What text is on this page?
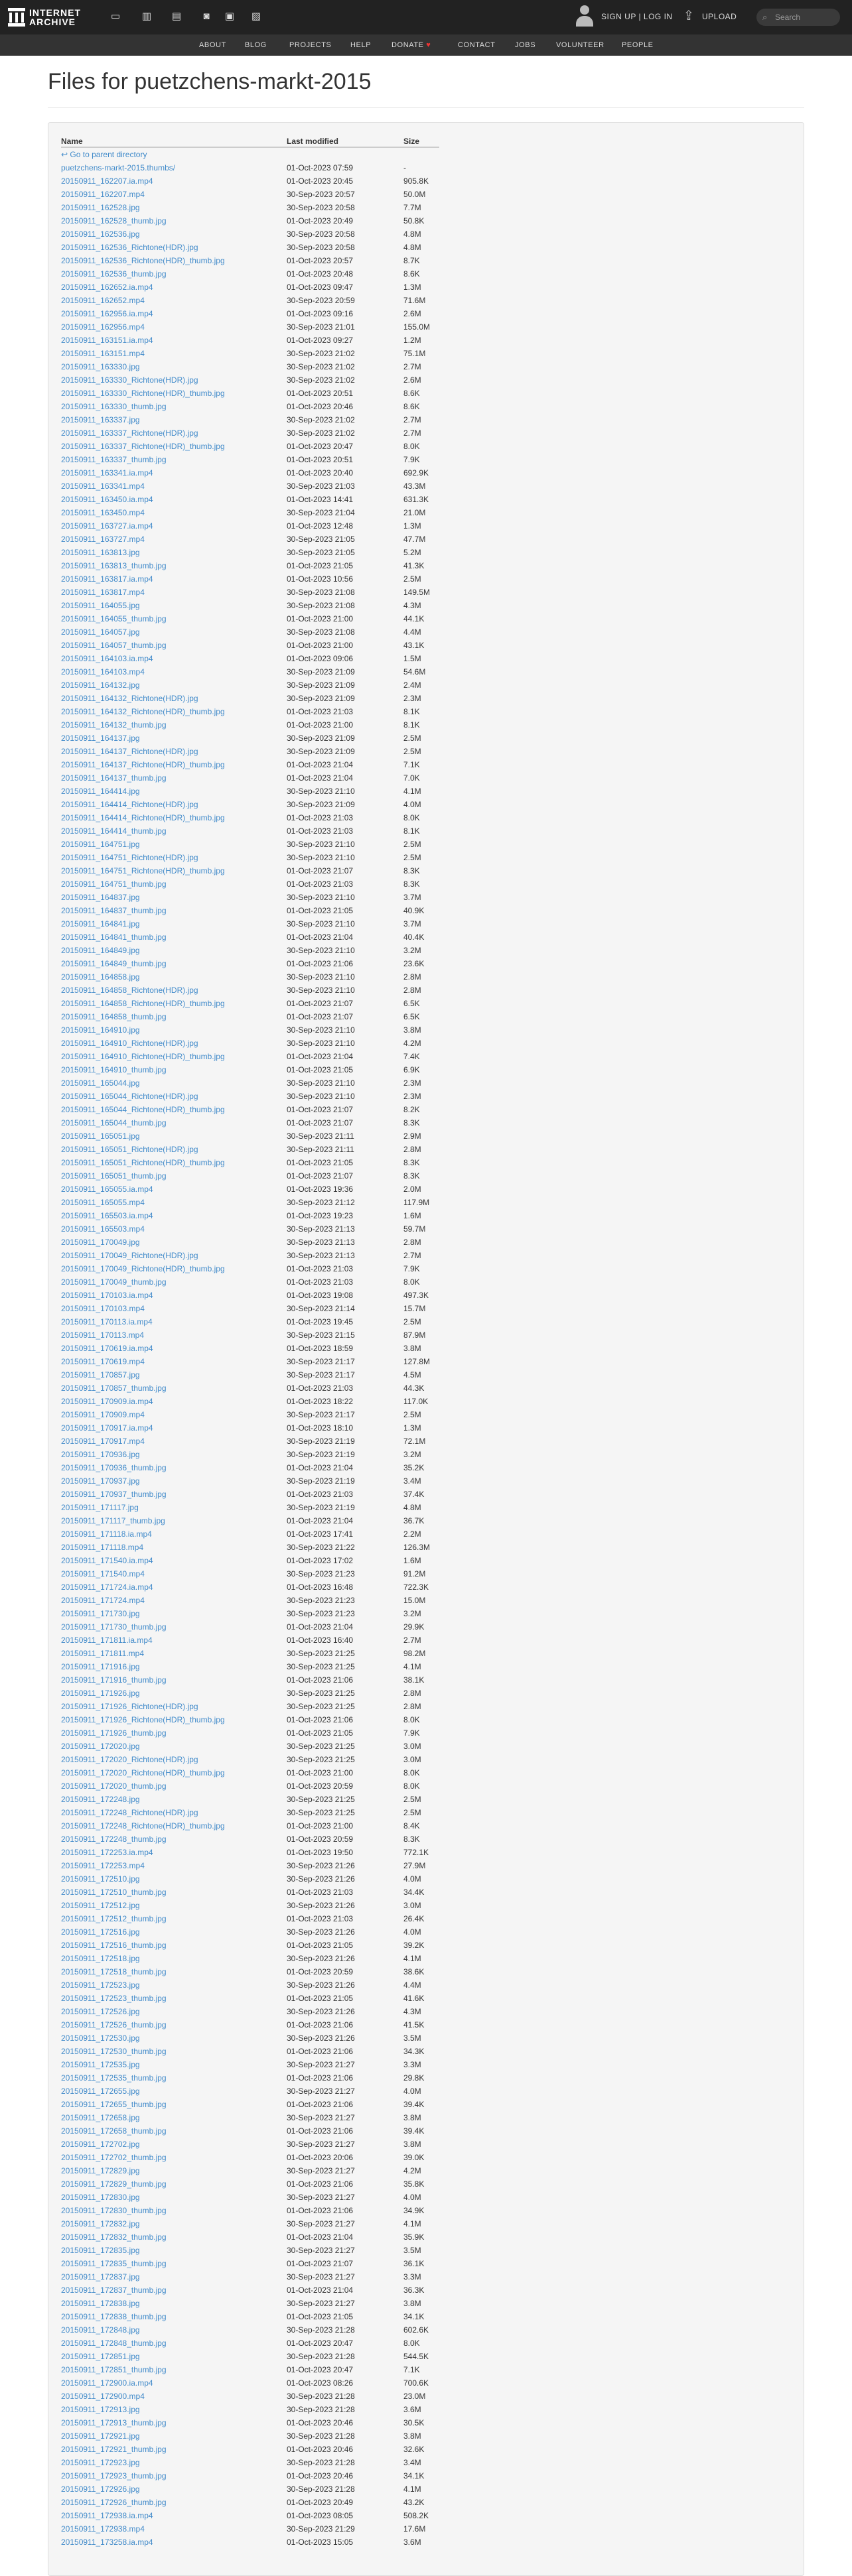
INTERNET
ARCHIVE	▭ ▥ ▤	◙	▣ ▨	SIGN UP | LOG IN ⇪ UPLOAD	⌕ Search
ABOUT	BLOG	PROJECTS	HELP	DONATE ♥	CONTACT	JOBS	VOLUNTEER PEOPLE
Files for puetzchens-markt-2015
Name	Last modified	Size
↩ Go to parent directory		
puetzchens-markt-2015.thumbs/	01-Oct-2023 07:59	-
20150911_162207.ia.mp4	01-Oct-2023 20:45	905.8K
20150911_162207.mp4	30-Sep-2023 20:57	50.0M
20150911_162528.jpg	30-Sep-2023 20:58	7.7M
20150911_162528_thumb.jpg	01-Oct-2023 20:49	50.8K
20150911_162536.jpg	30-Sep-2023 20:58	4.8M
20150911_162536_Richtone(HDR).jpg	30-Sep-2023 20:58	4.8M
20150911_162536_Richtone(HDR)_thumb.jpg	01-Oct-2023 20:57	8.7K
20150911_162536_thumb.jpg	01-Oct-2023 20:48	8.6K
20150911_162652.ia.mp4	01-Oct-2023 09:47	1.3M
20150911_162652.mp4	30-Sep-2023 20:59	71.6M
20150911_162956.ia.mp4	01-Oct-2023 09:16	2.6M
20150911_162956.mp4	30-Sep-2023 21:01	155.0M
20150911_163151.ia.mp4	01-Oct-2023 09:27	1.2M
20150911_163151.mp4	30-Sep-2023 21:02	75.1M
20150911_163330.jpg	30-Sep-2023 21:02	2.7M
20150911_163330_Richtone(HDR).jpg	30-Sep-2023 21:02	2.6M
20150911_163330_Richtone(HDR)_thumb.jpg	01-Oct-2023 20:51	8.6K
20150911_163330_thumb.jpg	01-Oct-2023 20:46	8.6K
20150911_163337.jpg	30-Sep-2023 21:02	2.7M
20150911_163337_Richtone(HDR).jpg	30-Sep-2023 21:02	2.7M
20150911_163337_Richtone(HDR)_thumb.jpg	01-Oct-2023 20:47	8.0K
20150911_163337_thumb.jpg	01-Oct-2023 20:51	7.9K
20150911_163341.ia.mp4	01-Oct-2023 20:40	692.9K
20150911_163341.mp4	30-Sep-2023 21:03	43.3M
20150911_163450.ia.mp4	01-Oct-2023 14:41	631.3K
20150911_163450.mp4	30-Sep-2023 21:04	21.0M
20150911_163727.ia.mp4	01-Oct-2023 12:48	1.3M
20150911_163727.mp4	30-Sep-2023 21:05	47.7M
20150911_163813.jpg	30-Sep-2023 21:05	5.2M
20150911_163813_thumb.jpg	01-Oct-2023 21:05	41.3K
20150911_163817.ia.mp4	01-Oct-2023 10:56	2.5M
20150911_163817.mp4	30-Sep-2023 21:08	149.5M
20150911_164055.jpg	30-Sep-2023 21:08	4.3M
20150911_164055_thumb.jpg	01-Oct-2023 21:00	44.1K
20150911_164057.jpg	30-Sep-2023 21:08	4.4M
20150911_164057_thumb.jpg	01-Oct-2023 21:00	43.1K
20150911_164103.ia.mp4	01-Oct-2023 09:06	1.5M
20150911_164103.mp4	30-Sep-2023 21:09	54.6M
20150911_164132.jpg	30-Sep-2023 21:09	2.4M
20150911_164132_Richtone(HDR).jpg	30-Sep-2023 21:09	2.3M
20150911_164132_Richtone(HDR)_thumb.jpg	01-Oct-2023 21:03	8.1K
20150911_164132_thumb.jpg	01-Oct-2023 21:00	8.1K
20150911_164137.jpg	30-Sep-2023 21:09	2.5M
20150911_164137_Richtone(HDR).jpg	30-Sep-2023 21:09	2.5M
20150911_164137_Richtone(HDR)_thumb.jpg	01-Oct-2023 21:04	7.1K
20150911_164137_thumb.jpg	01-Oct-2023 21:04	7.0K
20150911_164414.jpg	30-Sep-2023 21:10	4.1M
20150911_164414_Richtone(HDR).jpg	30-Sep-2023 21:09	4.0M
20150911_164414_Richtone(HDR)_thumb.jpg	01-Oct-2023 21:03	8.0K
20150911_164414_thumb.jpg	01-Oct-2023 21:03	8.1K
20150911_164751.jpg	30-Sep-2023 21:10	2.5M
20150911_164751_Richtone(HDR).jpg	30-Sep-2023 21:10	2.5M
20150911_164751_Richtone(HDR)_thumb.jpg	01-Oct-2023 21:07	8.3K
20150911_164751_thumb.jpg	01-Oct-2023 21:03	8.3K
20150911_164837.jpg	30-Sep-2023 21:10	3.7M
20150911_164837_thumb.jpg	01-Oct-2023 21:05	40.9K
20150911_164841.jpg	30-Sep-2023 21:10	3.7M
20150911_164841_thumb.jpg	01-Oct-2023 21:04	40.4K
20150911_164849.jpg	30-Sep-2023 21:10	3.2M
20150911_164849_thumb.jpg	01-Oct-2023 21:06	23.6K
20150911_164858.jpg	30-Sep-2023 21:10	2.8M
20150911_164858_Richtone(HDR).jpg	30-Sep-2023 21:10	2.8M
20150911_164858_Richtone(HDR)_thumb.jpg	01-Oct-2023 21:07	6.5K
20150911_164858_thumb.jpg	01-Oct-2023 21:07	6.5K
20150911_164910.jpg	30-Sep-2023 21:10	3.8M
20150911_164910_Richtone(HDR).jpg	30-Sep-2023 21:10	4.2M
20150911_164910_Richtone(HDR)_thumb.jpg	01-Oct-2023 21:04	7.4K
20150911_164910_thumb.jpg	01-Oct-2023 21:05	6.9K
20150911_165044.jpg	30-Sep-2023 21:10	2.3M
20150911_165044_Richtone(HDR).jpg	30-Sep-2023 21:10	2.3M
20150911_165044_Richtone(HDR)_thumb.jpg	01-Oct-2023 21:07	8.2K
20150911_165044_thumb.jpg	01-Oct-2023 21:07	8.3K
20150911_165051.jpg	30-Sep-2023 21:11	2.9M
20150911_165051_Richtone(HDR).jpg	30-Sep-2023 21:11	2.8M
20150911_165051_Richtone(HDR)_thumb.jpg	01-Oct-2023 21:05	8.3K
20150911_165051_thumb.jpg	01-Oct-2023 21:07	8.3K
20150911_165055.ia.mp4	01-Oct-2023 19:36	2.0M
20150911_165055.mp4	30-Sep-2023 21:12	117.9M
20150911_165503.ia.mp4	01-Oct-2023 19:23	1.6M
20150911_165503.mp4	30-Sep-2023 21:13	59.7M
20150911_170049.jpg	30-Sep-2023 21:13	2.8M
20150911_170049_Richtone(HDR).jpg	30-Sep-2023 21:13	2.7M
20150911_170049_Richtone(HDR)_thumb.jpg	01-Oct-2023 21:03	7.9K
20150911_170049_thumb.jpg	01-Oct-2023 21:03	8.0K
20150911_170103.ia.mp4	01-Oct-2023 19:08	497.3K
20150911_170103.mp4	30-Sep-2023 21:14	15.7M
20150911_170113.ia.mp4	01-Oct-2023 19:45	2.5M
20150911_170113.mp4	30-Sep-2023 21:15	87.9M
20150911_170619.ia.mp4	01-Oct-2023 18:59	3.8M
20150911_170619.mp4	30-Sep-2023 21:17	127.8M
20150911_170857.jpg	30-Sep-2023 21:17	4.5M
20150911_170857_thumb.jpg	01-Oct-2023 21:03	44.3K
20150911_170909.ia.mp4	01-Oct-2023 18:22	117.0K
20150911_170909.mp4	30-Sep-2023 21:17	2.5M
20150911_170917.ia.mp4	01-Oct-2023 18:10	1.3M
20150911_170917.mp4	30-Sep-2023 21:19	72.1M
20150911_170936.jpg	30-Sep-2023 21:19	3.2M
20150911_170936_thumb.jpg	01-Oct-2023 21:04	35.2K
20150911_170937.jpg	30-Sep-2023 21:19	3.4M
20150911_170937_thumb.jpg	01-Oct-2023 21:03	37.4K
20150911_171117.jpg	30-Sep-2023 21:19	4.8M
20150911_171117_thumb.jpg	01-Oct-2023 21:04	36.7K
20150911_171118.ia.mp4	01-Oct-2023 17:41	2.2M
20150911_171118.mp4	30-Sep-2023 21:22	126.3M
20150911_171540.ia.mp4	01-Oct-2023 17:02	1.6M
20150911_171540.mp4	30-Sep-2023 21:23	91.2M
20150911_171724.ia.mp4	01-Oct-2023 16:48	722.3K
20150911_171724.mp4	30-Sep-2023 21:23	15.0M
20150911_171730.jpg	30-Sep-2023 21:23	3.2M
20150911_171730_thumb.jpg	01-Oct-2023 21:04	29.9K
20150911_171811.ia.mp4	01-Oct-2023 16:40	2.7M
20150911_171811.mp4	30-Sep-2023 21:25	98.2M
20150911_171916.jpg	30-Sep-2023 21:25	4.1M
20150911_171916_thumb.jpg	01-Oct-2023 21:06	38.1K
20150911_171926.jpg	30-Sep-2023 21:25	2.8M
20150911_171926_Richtone(HDR).jpg	30-Sep-2023 21:25	2.8M
20150911_171926_Richtone(HDR)_thumb.jpg	01-Oct-2023 21:06	8.0K
20150911_171926_thumb.jpg	01-Oct-2023 21:05	7.9K
20150911_172020.jpg	30-Sep-2023 21:25	3.0M
20150911_172020_Richtone(HDR).jpg	30-Sep-2023 21:25	3.0M
20150911_172020_Richtone(HDR)_thumb.jpg	01-Oct-2023 21:00	8.0K
20150911_172020_thumb.jpg	01-Oct-2023 20:59	8.0K
20150911_172248.jpg	30-Sep-2023 21:25	2.5M
20150911_172248_Richtone(HDR).jpg	30-Sep-2023 21:25	2.5M
20150911_172248_Richtone(HDR)_thumb.jpg	01-Oct-2023 21:00	8.4K
20150911_172248_thumb.jpg	01-Oct-2023 20:59	8.3K
20150911_172253.ia.mp4	01-Oct-2023 19:50	772.1K
20150911_172253.mp4	30-Sep-2023 21:26	27.9M
20150911_172510.jpg	30-Sep-2023 21:26	4.0M
20150911_172510_thumb.jpg	01-Oct-2023 21:03	34.4K
20150911_172512.jpg	30-Sep-2023 21:26	3.0M
20150911_172512_thumb.jpg	01-Oct-2023 21:03	26.4K
20150911_172516.jpg	30-Sep-2023 21:26	4.0M
20150911_172516_thumb.jpg	01-Oct-2023 21:05	39.2K
20150911_172518.jpg	30-Sep-2023 21:26	4.1M
20150911_172518_thumb.jpg	01-Oct-2023 20:59	38.6K
20150911_172523.jpg	30-Sep-2023 21:26	4.4M
20150911_172523_thumb.jpg	01-Oct-2023 21:05	41.6K
20150911_172526.jpg	30-Sep-2023 21:26	4.3M
20150911_172526_thumb.jpg	01-Oct-2023 21:06	41.5K
20150911_172530.jpg	30-Sep-2023 21:26	3.5M
20150911_172530_thumb.jpg	01-Oct-2023 21:06	34.3K
20150911_172535.jpg	30-Sep-2023 21:27	3.3M
20150911_172535_thumb.jpg	01-Oct-2023 21:06	29.8K
20150911_172655.jpg	30-Sep-2023 21:27	4.0M
20150911_172655_thumb.jpg	01-Oct-2023 21:06	39.4K
20150911_172658.jpg	30-Sep-2023 21:27	3.8M
20150911_172658_thumb.jpg	01-Oct-2023 21:06	39.4K
20150911_172702.jpg	30-Sep-2023 21:27	3.8M
20150911_172702_thumb.jpg	01-Oct-2023 20:06	39.0K
20150911_172829.jpg	30-Sep-2023 21:27	4.2M
20150911_172829_thumb.jpg	01-Oct-2023 21:06	35.8K
20150911_172830.jpg	30-Sep-2023 21:27	4.0M
20150911_172830_thumb.jpg	01-Oct-2023 21:06	34.9K
20150911_172832.jpg	30-Sep-2023 21:27	4.1M
20150911_172832_thumb.jpg	01-Oct-2023 21:04	35.9K
20150911_172835.jpg	30-Sep-2023 21:27	3.5M
20150911_172835_thumb.jpg	01-Oct-2023 21:07	36.1K
20150911_172837.jpg	30-Sep-2023 21:27	3.3M
20150911_172837_thumb.jpg	01-Oct-2023 21:04	36.3K
20150911_172838.jpg	30-Sep-2023 21:27	3.8M
20150911_172838_thumb.jpg	01-Oct-2023 21:05	34.1K
20150911_172848.jpg	30-Sep-2023 21:28	602.6K
20150911_172848_thumb.jpg	01-Oct-2023 20:47	8.0K
20150911_172851.jpg	30-Sep-2023 21:28	544.5K
20150911_172851_thumb.jpg	01-Oct-2023 20:47	7.1K
20150911_172900.ia.mp4	01-Oct-2023 08:26	700.6K
20150911_172900.mp4	30-Sep-2023 21:28	23.0M
20150911_172913.jpg	30-Sep-2023 21:28	3.6M
20150911_172913_thumb.jpg	01-Oct-2023 20:46	30.5K
20150911_172921.jpg	30-Sep-2023 21:28	3.8M
20150911_172921_thumb.jpg	01-Oct-2023 20:46	32.6K
20150911_172923.jpg	30-Sep-2023 21:28	3.4M
20150911_172923_thumb.jpg	01-Oct-2023 20:46	34.1K
20150911_172926.jpg	30-Sep-2023 21:28	4.1M
20150911_172926_thumb.jpg	01-Oct-2023 20:49	43.2K
20150911_172938.ia.mp4	01-Oct-2023 08:05	508.2K
20150911_172938.mp4	30-Sep-2023 21:29	17.6M
20150911_173258.ia.mp4	01-Oct-2023 15:05	3.6M
